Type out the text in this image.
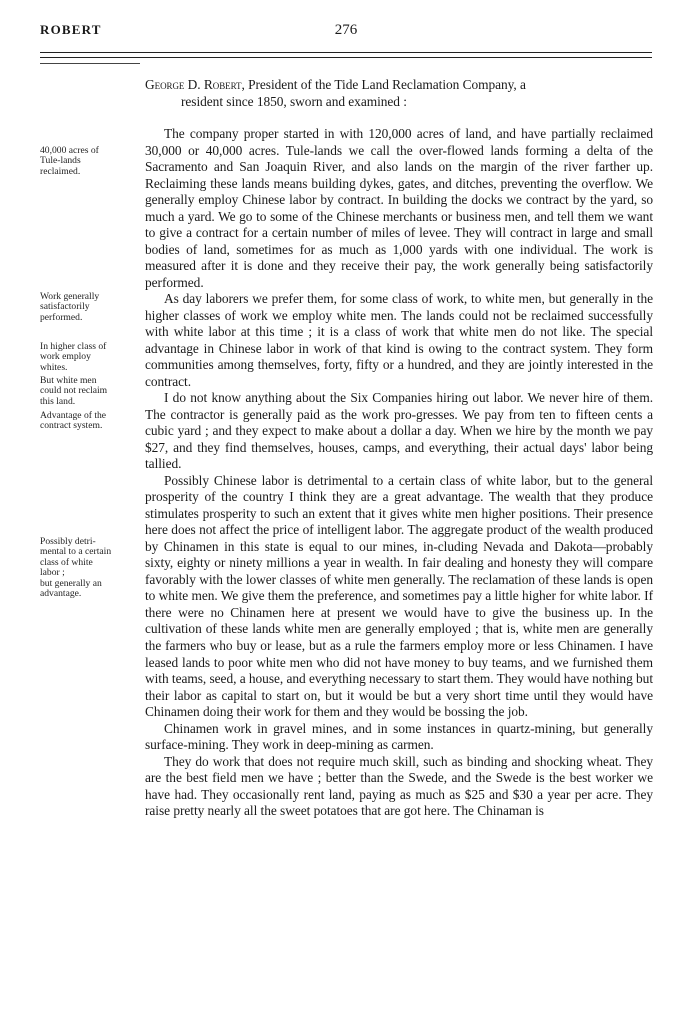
ROBERT	276
George D. Robert, President of the Tide Land Reclamation Company, a
resident since 1850, sworn and examined :
40,000 acres of
Tule-lands
reclaimed.
Work generally
satisfactorily
performed.
In higher class of
work employ
whites.
But white men
could not reclaim
this land.
Advantage of the
contract system.
Possibly detri-
mental to a certain
class of white
labor ;
but generally an
advantage.

The company proper started in with 120,000 acres of land, and have partially reclaimed 30,000 or 40,000 acres. Tule-lands we call the over-flowed lands forming a delta of the Sacramento and San Joaquin River, and also lands on the margin of the river farther up. Reclaiming these lands means building dykes, gates, and ditches, preventing the overflow. We generally employ Chinese labor by contract. In building the docks we contract by the yard, so much a yard. We go to some of the Chinese merchants or business men, and tell them we want to give a contract for a certain number of miles of levee. They will contract in large and small bodies of land, sometimes for as much as 1,000 yards with one individual. The work is measured after it is done and they receive their pay, the work generally being satisfactorily performed.

As day laborers we prefer them, for some class of work, to white men, but generally in the higher classes of work we employ white men. The lands could not be reclaimed successfully with white labor at this time ; it is a class of work that white men do not like. The special advantage in Chinese labor in work of that kind is owing to the contract system. They form communities among themselves, forty, fifty or a hundred, and they are jointly interested in the contract.

I do not know anything about the Six Companies hiring out labor. We never hire of them. The contractor is generally paid as the work pro-gresses. We pay from ten to fifteen cents a cubic yard ; and they expect to make about a dollar a day. When we hire by the month we pay $27, and they find themselves, houses, camps, and everything, their actual days' labor being tallied.

Possibly Chinese labor is detrimental to a certain class of white labor, but to the general prosperity of the country I think they are a great advantage. The wealth that they produce stimulates prosperity to such an extent that it gives white men higher positions. Their presence here does not affect the price of intelligent labor. The aggregate product of the wealth produced by Chinamen in this state is equal to our mines, in-cluding Nevada and Dakota—probably sixty, eighty or ninety millions a year in wealth. In fair dealing and honesty they will compare favorably with the lower classes of white men generally. The reclamation of these lands is open to white men. We give them the preference, and sometimes pay a little higher for white labor. If there were no Chinamen here at present we would have to give the business up. In the cultivation of these lands white men are generally employed ; that is, white men are generally the farmers who buy or lease, but as a rule the farmers employ more or less Chinamen. I have leased lands to poor white men who did not have money to buy teams, and we furnished them with teams, seed, a house, and everything necessary to start them. They would have nothing but their labor as capital to start on, but it would be but a very short time until they would have Chinamen doing their work for them and they would be bossing the job.

Chinamen work in gravel mines, and in some instances in quartz-mining, but generally surface-mining. They work in deep-mining as carmen.

They do work that does not require much skill, such as binding and shocking wheat. They are the best field men we have ; better than the Swede, and the Swede is the best worker we have had. They occasionally rent land, paying as much as $25 and $30 a year per acre. They raise pretty nearly all the sweet potatoes that are got here. The Chinaman is
